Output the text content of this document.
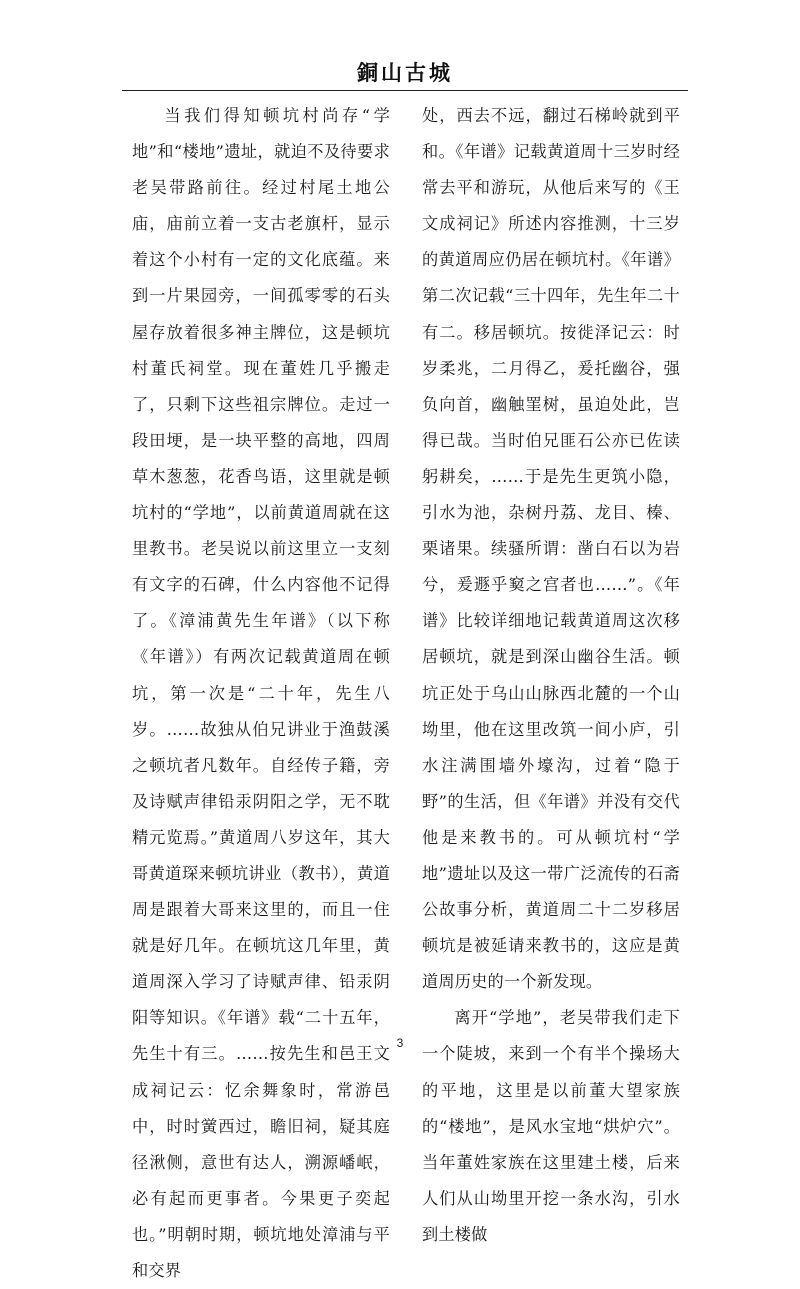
銅山古城

当我们得知顿坑村尚存“学地”和“楼地”遗址，就迫不及待要求老吴带路前往。经过村尾土地公庙，庙前立着一支古老旗杆，显示着这个小村有一定的文化底蕴。来到一片果园旁，一间孤零零的石头屋存放着很多神主牌位，这是顿坑村董氏祠堂。现在董姓几乎搬走了，只剩下这些祖宗牌位。走过一段田埂，是一块平整的高地，四周草木葱葱，花香鸟语，这里就是顿坑村的“学地”，以前黄道周就在这里教书。老吴说以前这里立一支刻有文字的石碑，什么内容他不记得了。《漳浦黄先生年谱》（以下称《年谱》）有两次记载黄道周在顿坑，第一次是“二十年，先生八岁。……故独从伯兄讲业于渔鼓溪之顿坑者凡数年。自经传子籍，旁及诗赋声律铅汞阴阳之学，无不耽精元览焉。”黄道周八岁这年，其大哥黄道琛来顿坑讲业（教书），黄道周是跟着大哥来这里的，而且一住就是好几年。在顿坑这几年里，黄道周深入学习了诗赋声律、铅汞阴阳等知识。《年谱》载“二十五年，先生十有三。……按先生和邑王文成祠记云：忆余舞象时，常游邑中，时时黉西过，瞻旧祠，疑其庭径湫侧，意世有达人，溯源嶓岷，必有起而更事者。今果更子奕起也。”明朝时期，顿坑地处漳浦与平和交界

处，西去不远，翻过石梯岭就到平和。《年谱》记载黄道周十三岁时经常去平和游玩，从他后来写的《王文成祠记》所述内容推测，十三岁的黄道周应仍居在顿坑村。《年谱》第二次记载“三十四年，先生年二十有二。移居顿坑。按徙泽记云：时岁柔兆，二月得乙，爰托幽谷，强负向首，幽触罣树，虽迫处此，岂得已哉。当时伯兄匪石公亦已佐读躬耕矣，……于是先生更筑小隐，引水为池，杂树丹荔、龙目、榛、栗诸果。续骚所谓：凿白石以为岩兮，爰遯乎窫之宫者也……”。《年谱》比较详细地记载黄道周这次移居顿坑，就是到深山幽谷生活。顿坑正处于乌山山脉西北麓的一个山坳里，他在这里改筑一间小庐，引水注满围墙外壕沟，过着“隐于野”的生活，但《年谱》并没有交代他是来教书的。可从顿坑村“学地”遗址以及这一带广泛流传的石斋公故事分析，黄道周二十二岁移居顿坑是被延请来教书的，这应是黄道周历史的一个新发现。

离开“学地”，老吴带我们走下一个陡坡，来到一个有半个操场大的平地，这里是以前董大望家族的“楼地”，是风水宝地“烘炉穴”。当年董姓家族在这里建土楼，后来人们从山坳里开挖一条水沟，引水到土楼做

3
